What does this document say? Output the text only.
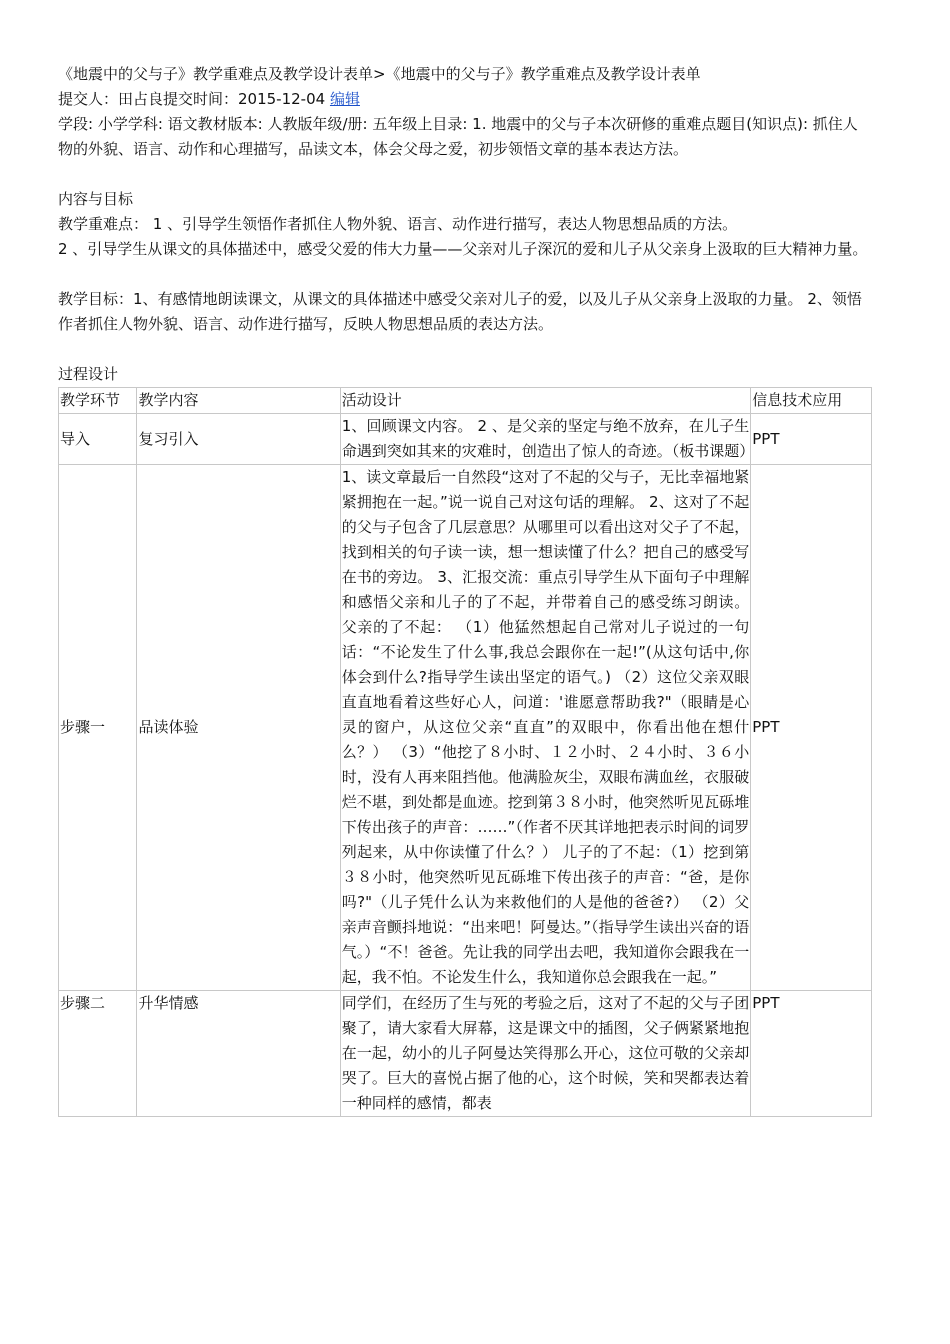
《地震中的父与子》教学重难点及教学设计表单>《地震中的父与子》教学重难点及教学设计表单

提交人：田占良提交时间：2015-12-04 编辑

学段: 小学学科: 语文教材版本: 人教版年级/册: 五年级上目录: 1. 地震中的父与子本次研修的重难点题目(知识点): 抓住人物的外貌、语言、动作和心理描写，品读文本，体会父母之爱，初步领悟文章的基本表达方法。

内容与目标

教学重难点： 1 、引导学生领悟作者抓住人物外貌、语言、动作进行描写，表达人物思想品质的方法。

2 、引导学生从课文的具体描述中，感受父爱的伟大力量——父亲对儿子深沉的爱和儿子从父亲身上汲取的巨大精神力量。

教学目标：1、有感情地朗读课文，从课文的具体描述中感受父亲对儿子的爱，以及儿子从父亲身上汲取的力量。 2、领悟作者抓住人物外貌、语言、动作进行描写，反映人物思想品质的表达方法。

过程设计

教学环节	教学内容	活动设计	信息技术应用
导入	复习引入	1、回顾课文内容。 2 、是父亲的坚定与绝不放弃，在儿子生命遇到突如其来的灾难时，创造出了惊人的奇迹。（板书课题）	PPT
步骤一	品读体验	1、读文章最后一自然段“这对了不起的父与子，无比幸福地紧紧拥抱在一起。”说一说自己对这句话的理解。 2、这对了不起的父与子包含了几层意思？从哪里可以看出这对父子了不起，找到相关的句子读一读，想一想读懂了什么？把自己的感受写在书的旁边。 3、汇报交流：重点引导学生从下面句子中理解和感悟父亲和儿子的了不起，并带着自己的感受练习朗读。 父亲的了不起： （1）他猛然想起自己常对儿子说过的一句话：“不论发生了什么事,我总会跟你在一起!”(从这句话中,你体会到什么?指导学生读出坚定的语气。) （2）这位父亲双眼直直地看着这些好心人，问道：'谁愿意帮助我?"（眼睛是心灵的窗户，从这位父亲“直直”的双眼中，你看出他在想什么？） （3）“他挖了８小时、１２小时、２４小时、３６小时，没有人再来阻挡他。他满脸灰尘，双眼布满血丝，衣服破烂不堪，到处都是血迹。挖到第３８小时，他突然听见瓦砾堆下传出孩子的声音：……”（作者不厌其详地把表示时间的词罗列起来，从中你读懂了什么？） 儿子的了不起：（1）挖到第３８小时，他突然听见瓦砾堆下传出孩子的声音：“爸，是你吗?"（儿子凭什么认为来救他们的人是他的爸爸?） （2）父亲声音颤抖地说：“出来吧！阿曼达。”（指导学生读出兴奋的语气。）“不！爸爸。先让我的同学出去吧，我知道你会跟我在一起，我不怕。不论发生什么，我知道你总会跟我在一起。”	PPT
步骤二	升华情感	同学们，在经历了生与死的考验之后，这对了不起的父与子团聚了，请大家看大屏幕，这是课文中的插图，父子俩紧紧地抱在一起，幼小的儿子阿曼达笑得那么开心，这位可敬的父亲却哭了。巨大的喜悦占据了他的心，这个时候，笑和哭都表达着一种同样的感情，都表	PPT
